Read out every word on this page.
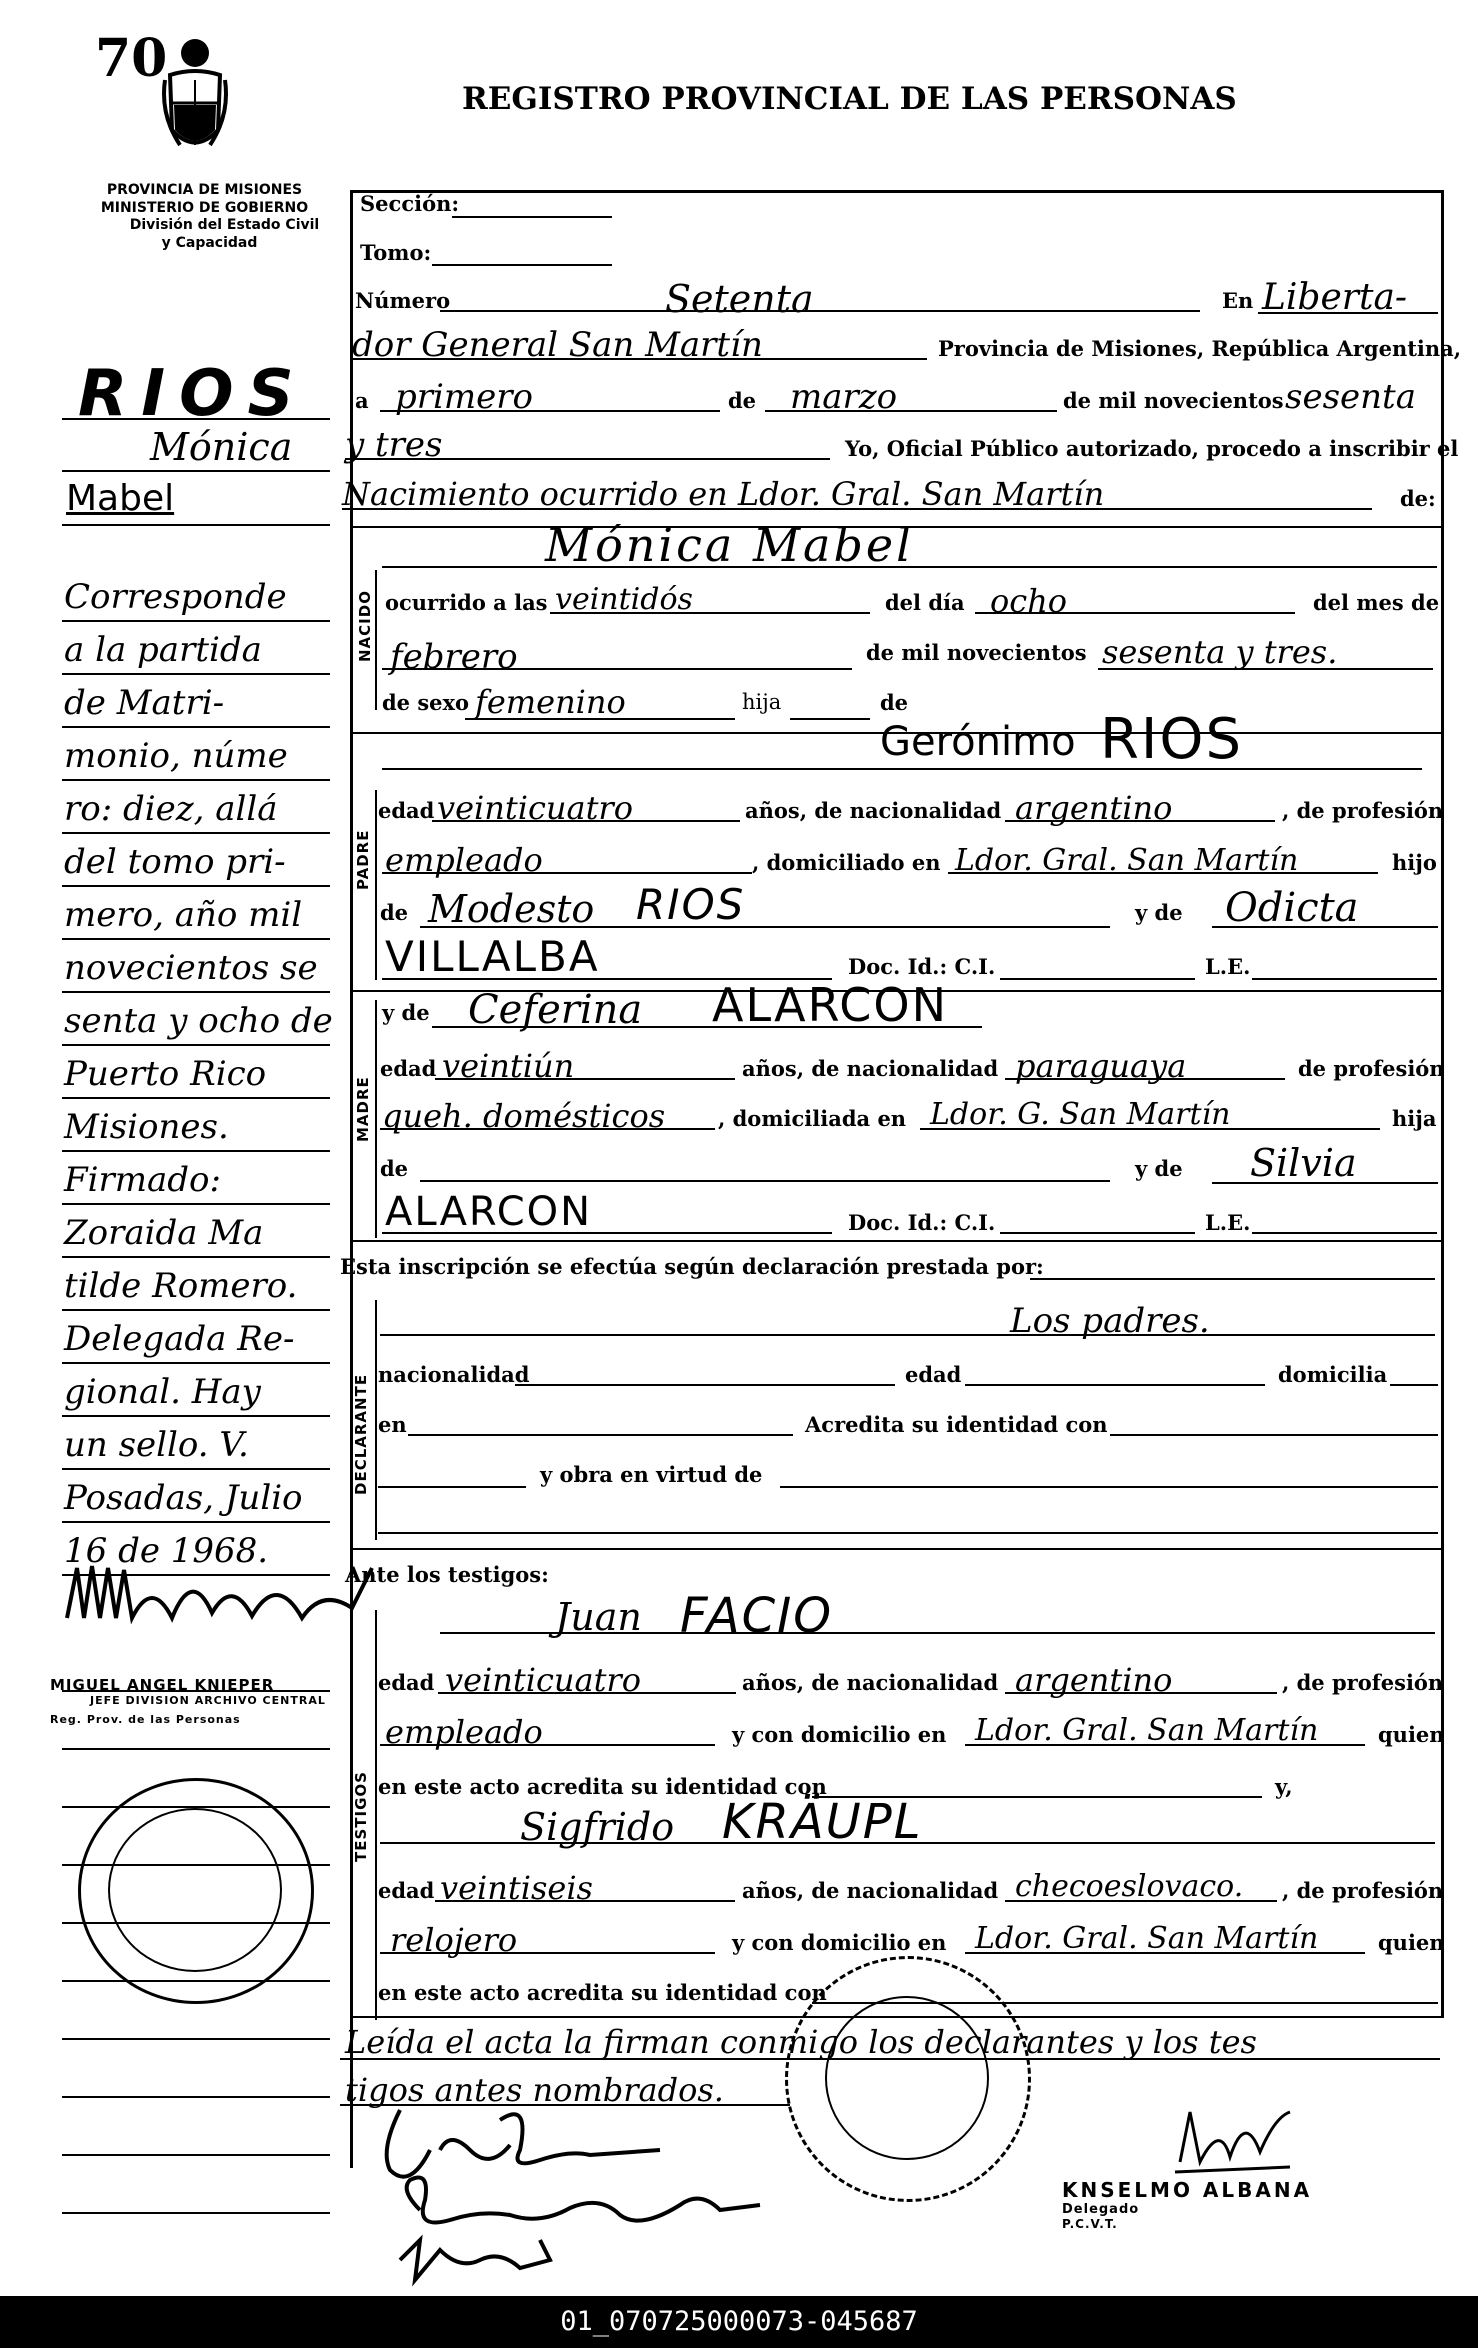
70
REGISTRO PROVINCIAL DE LAS PERSONAS
PROVINCIA DE MISIONES
MINISTERIO DE GOBIERNO
División del Estado Civil
y Capacidad
RIOS
Mónica
Mabel
Corresponde
a la partida
de Matri-
monio, núme
ro: diez, allá
del tomo pri-
mero, año mil
novecientos se
senta y ocho de
Puerto Rico
Misiones.
Firmado:
Zoraida Ma
tilde Romero.
Delegada Re-
gional. Hay
un sello. V.
Posadas, Julio
16 de 1968.
MIGUEL ANGEL KNIEPER
JEFE DIVISION ARCHIVO CENTRAL
Reg. Prov. de las Personas
Sección:
Tomo:
Número	Setenta	En Liberta-
dor General San Martín	Provincia de Misiones, República Argentina,
a primero	de marzo	de mil novecientos sesenta
y tres	Yo, Oficial Público autorizado, procedo a inscribir el
Nacimiento ocurrido en Ldor. Gral. San Martín	de:
NACIDO
Mónica Mabel
ocurrido a las veintidós	del día ocho	del mes de
febrero	de mil novecientos sesenta y tres.
de sexo femenino	hija	de
PADRE
Gerónimo RIOS
edad veinticuatro	años, de nacionalidad argentino	, de profesión
empleado	, domiciliado en Ldor. Gral. San Martín	hijo
de Modesto RIOS	y de Odicta
VILLALBA	Doc. Id.: C.I.	L.E.
MADRE
y de Ceferina ALARCON
edad veintiún	años, de nacionalidad paraguaya	de profesión
queh. domésticos	, domiciliada en Ldor. G. San Martín	hija
de	y de Silvia
ALARCON	Doc. Id.: C.I.	L.E.
Esta inscripción se efectúa según declaración prestada por:
DECLARANTE
Los padres.
nacionalidad	edad	domicilia
en	Acredita su identidad con
y obra en virtud de
Ante los testigos:
TESTIGOS
Juan FACIO
edad veinticuatro	años, de nacionalidad argentino	, de profesión
empleado	y con domicilio en Ldor. Gral. San Martín	quien
en este acto acredita su identidad con	y,
Sigfrido KRÄUPL
edad veintiseis	años, de nacionalidad checoeslovaco. , de profesión
relojero	y con domicilio en Ldor. Gral. San Martín	quien
en este acto acredita su identidad con
Leída el acta la firman conmigo los declarantes y los tes
tigos antes nombrados.
KNSELMO ALBANA
Delegado
P.C.V.T.
01_070725000073-045687
